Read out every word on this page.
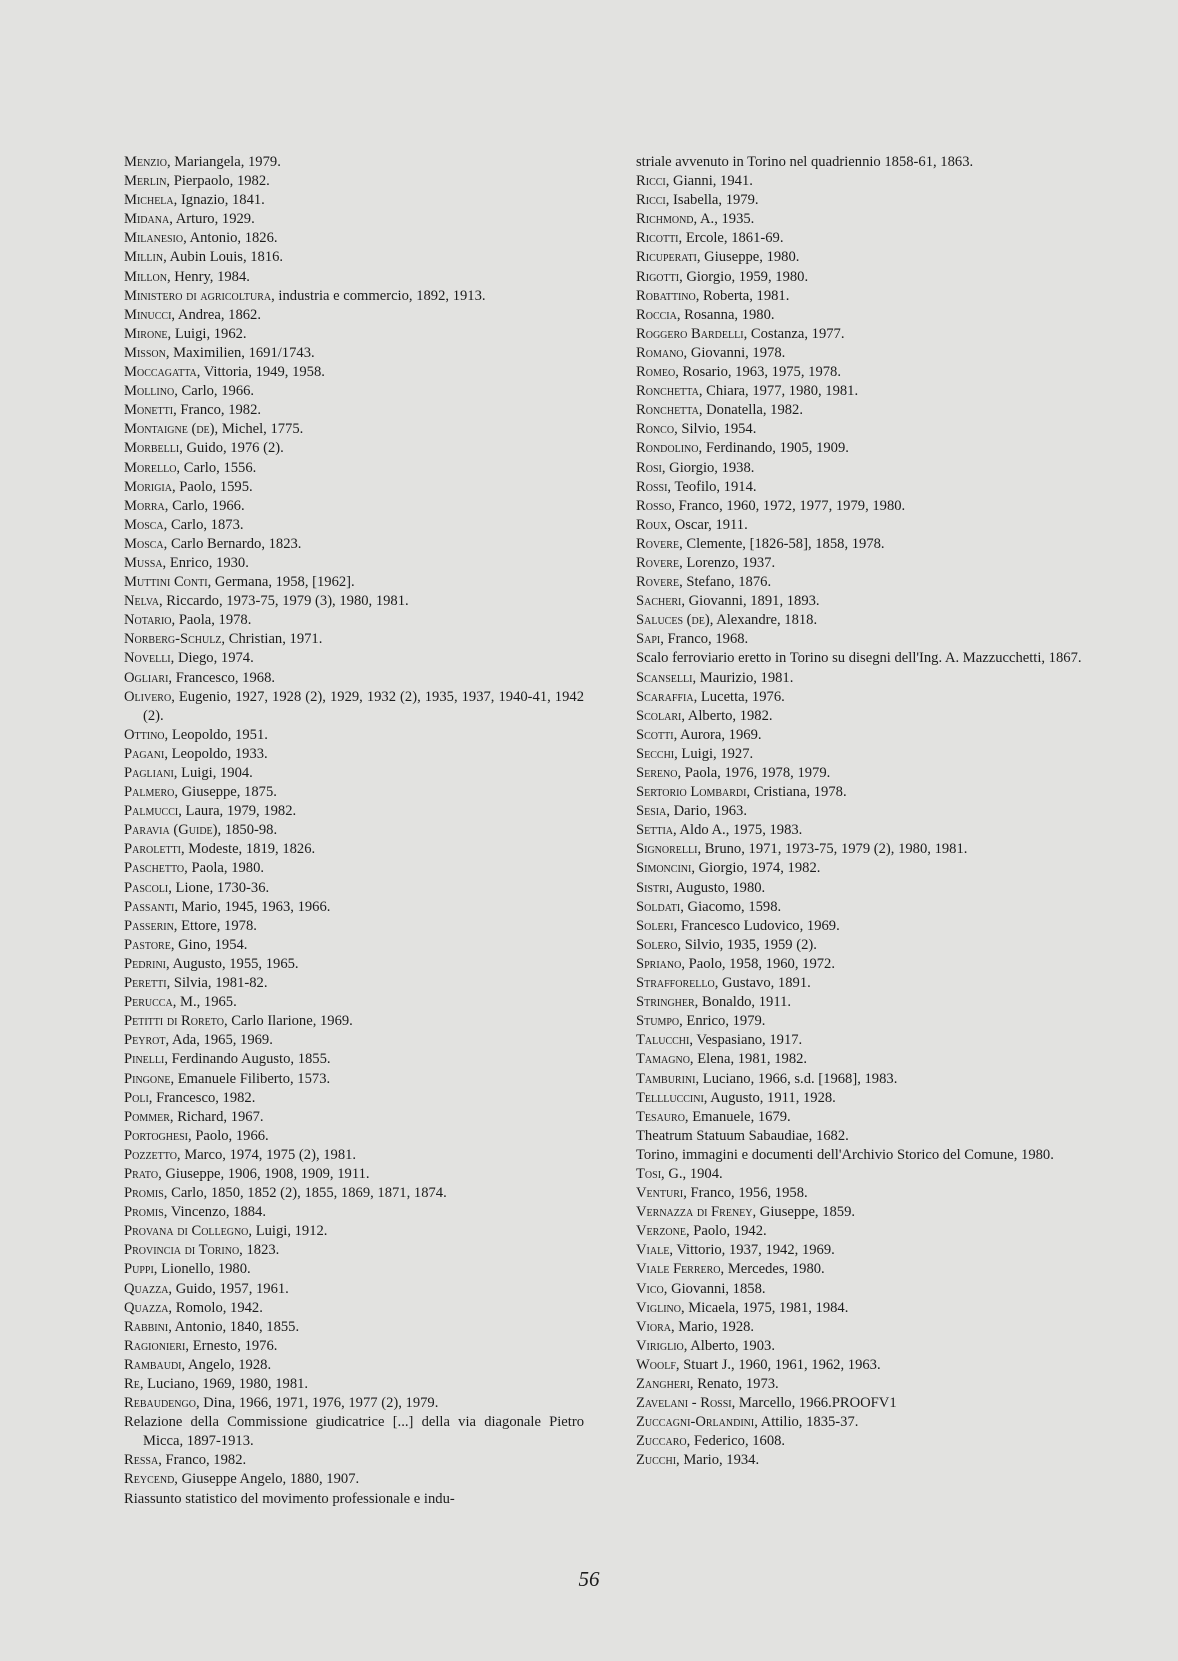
Menzio, Mariangela, 1979.

Merlin, Pierpaolo, 1982.

Michela, Ignazio, 1841.

Midana, Arturo, 1929.

Milanesio, Antonio, 1826.

Millin, Aubin Louis, 1816.

Millon, Henry, 1984.

Ministero di agricoltura, industria e commercio, 1892, 1913.

Minucci, Andrea, 1862.

Mirone, Luigi, 1962.

Misson, Maximilien, 1691/1743.

Moccagatta, Vittoria, 1949, 1958.

Mollino, Carlo, 1966.

Monetti, Franco, 1982.

Montaigne (de), Michel, 1775.

Morbelli, Guido, 1976 (2).

Morello, Carlo, 1556.

Morigia, Paolo, 1595.

Morra, Carlo, 1966.

Mosca, Carlo, 1873.

Mosca, Carlo Bernardo, 1823.

Mussa, Enrico, 1930.

Muttini Conti, Germana, 1958, [1962].

Nelva, Riccardo, 1973-75, 1979 (3), 1980, 1981.

Notario, Paola, 1978.

Norberg-Schulz, Christian, 1971.

Novelli, Diego, 1974.

Ogliari, Francesco, 1968.

Olivero, Eugenio, 1927, 1928 (2), 1929, 1932 (2), 1935, 1937, 1940-41, 1942 (2).

Ottino, Leopoldo, 1951.

Pagani, Leopoldo, 1933.

Pagliani, Luigi, 1904.

Palmero, Giuseppe, 1875.

Palmucci, Laura, 1979, 1982.

Paravia (Guide), 1850-98.

Paroletti, Modeste, 1819, 1826.

Paschetto, Paola, 1980.

Pascoli, Lione, 1730-36.

Passanti, Mario, 1945, 1963, 1966.

Passerin, Ettore, 1978.

Pastore, Gino, 1954.

Pedrini, Augusto, 1955, 1965.

Peretti, Silvia, 1981-82.

Perucca, M., 1965.

Petitti di Roreto, Carlo Ilarione, 1969.

Peyrot, Ada, 1965, 1969.

Pinelli, Ferdinando Augusto, 1855.

Pingone, Emanuele Filiberto, 1573.

Poli, Francesco, 1982.

Pommer, Richard, 1967.

Portoghesi, Paolo, 1966.

Pozzetto, Marco, 1974, 1975 (2), 1981.

Prato, Giuseppe, 1906, 1908, 1909, 1911.

Promis, Carlo, 1850, 1852 (2), 1855, 1869, 1871, 1874.

Promis, Vincenzo, 1884.

Provana di Collegno, Luigi, 1912.

Provincia di Torino, 1823.

Puppi, Lionello, 1980.

Quazza, Guido, 1957, 1961.

Quazza, Romolo, 1942.

Rabbini, Antonio, 1840, 1855.

Ragionieri, Ernesto, 1976.

Rambaudi, Angelo, 1928.

Re, Luciano, 1969, 1980, 1981.

Rebaudengo, Dina, 1966, 1971, 1976, 1977 (2), 1979.

Relazione della Commissione giudicatrice [...] della via diagonale Pietro Micca, 1897-1913.

Ressa, Franco, 1982.

Reycend, Giuseppe Angelo, 1880, 1907.

Riassunto statistico del movimento professionale e indu-

striale avvenuto in Torino nel quadriennio 1858-61, 1863.

Ricci, Gianni, 1941.

Ricci, Isabella, 1979.

Richmond, A., 1935.

Ricotti, Ercole, 1861-69.

Ricuperati, Giuseppe, 1980.

Rigotti, Giorgio, 1959, 1980.

Robattino, Roberta, 1981.

Roccia, Rosanna, 1980.

Roggero Bardelli, Costanza, 1977.

Romano, Giovanni, 1978.

Romeo, Rosario, 1963, 1975, 1978.

Ronchetta, Chiara, 1977, 1980, 1981.

Ronchetta, Donatella, 1982.

Ronco, Silvio, 1954.

Rondolino, Ferdinando, 1905, 1909.

Rosi, Giorgio, 1938.

Rossi, Teofilo, 1914.

Rosso, Franco, 1960, 1972, 1977, 1979, 1980.

Roux, Oscar, 1911.

Rovere, Clemente, [1826-58], 1858, 1978.

Rovere, Lorenzo, 1937.

Rovere, Stefano, 1876.

Sacheri, Giovanni, 1891, 1893.

Saluces (de), Alexandre, 1818.

Sapi, Franco, 1968.

Scalo ferroviario eretto in Torino su disegni dell'Ing. A. Mazzucchetti, 1867.

Scanselli, Maurizio, 1981.

Scaraffia, Lucetta, 1976.

Scolari, Alberto, 1982.

Scotti, Aurora, 1969.

Secchi, Luigi, 1927.

Sereno, Paola, 1976, 1978, 1979.

Sertorio Lombardi, Cristiana, 1978.

Sesia, Dario, 1963.

Settia, Aldo A., 1975, 1983.

Signorelli, Bruno, 1971, 1973-75, 1979 (2), 1980, 1981.

Simoncini, Giorgio, 1974, 1982.

Sistri, Augusto, 1980.

Soldati, Giacomo, 1598.

Soleri, Francesco Ludovico, 1969.

Solero, Silvio, 1935, 1959 (2).

Spriano, Paolo, 1958, 1960, 1972.

Strafforello, Gustavo, 1891.

Stringher, Bonaldo, 1911.

Stumpo, Enrico, 1979.

Talucchi, Vespasiano, 1917.

Tamagno, Elena, 1981, 1982.

Tamburini, Luciano, 1966, s.d. [1968], 1983.

Tellluccini, Augusto, 1911, 1928.

Tesauro, Emanuele, 1679.

Theatrum Statuum Sabaudiae, 1682.

Torino, immagini e documenti dell'Archivio Storico del Comune, 1980.

Tosi, G., 1904.

Venturi, Franco, 1956, 1958.

Vernazza di Freney, Giuseppe, 1859.

Verzone, Paolo, 1942.

Viale, Vittorio, 1937, 1942, 1969.

Viale Ferrero, Mercedes, 1980.

Vico, Giovanni, 1858.

Viglino, Micaela, 1975, 1981, 1984.

Viora, Mario, 1928.

Viriglio, Alberto, 1903.

Woolf, Stuart J., 1960, 1961, 1962, 1963.

Zangheri, Renato, 1973.

Zavelani - Rossi, Marcello, 1966.PROOFV1

Zuccagni-Orlandini, Attilio, 1835-37.

Zuccaro, Federico, 1608.

Zucchi, Mario, 1934.

56
